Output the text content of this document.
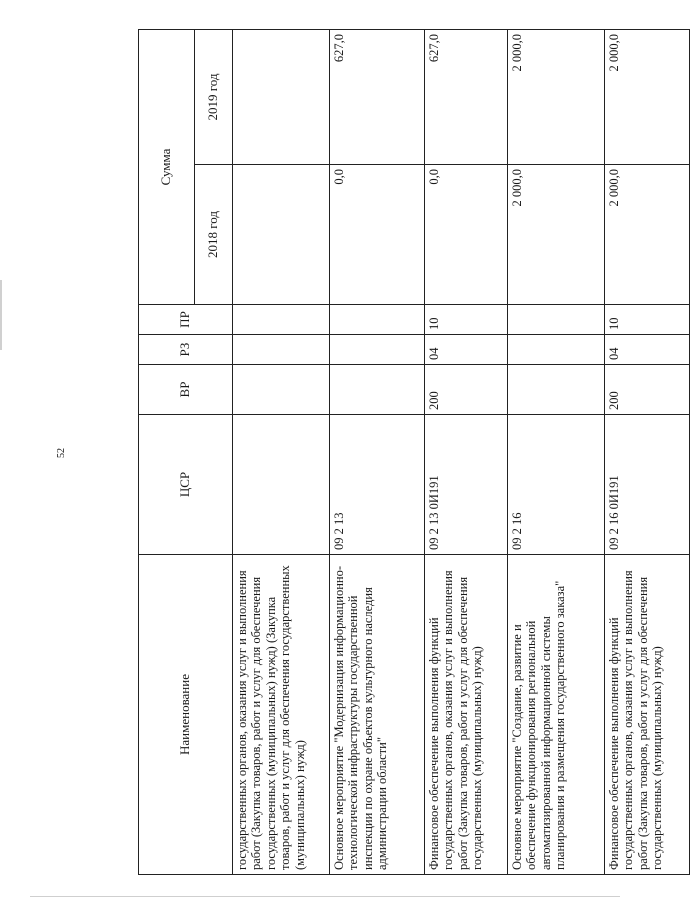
52
Наименование	ЦСР	ВР	РЗ	ПР	Сумма	
					2018 год	2019 год
государственных органов, оказания услуг и выполнения работ (Закупка товаров, работ и услуг для обеспечения государственных (муниципальных) нужд) (Закупка товаров, работ и услуг для обеспечения государственных (муниципальных) нужд)						
Основное мероприятие "Модернизация информационно-технологической инфраструктуры государственной инспекции по охране объектов культурного наследия администрации области"	09 2 13				0,0	627,0
Финансовое обеспечение выполнения функций государственных органов, оказания услуг и выполнения работ (Закупка товаров, работ и услуг для обеспечения государственных (муниципальных) нужд)	09 2 13 0И191	200	04	10	0,0	627,0
Основное мероприятие "Создание, развитие и обеспечение функционирования региональной автоматизированной информационной системы планирования и размещения государственного заказа"	09 2 16				2 000,0	2 000,0
Финансовое обеспечение выполнения функций государственных органов, оказания услуг и выполнения работ (Закупка товаров, работ и услуг для обеспечения государственных (муниципальных) нужд)	09 2 16 0И191	200	04	10	2 000,0	2 000,0
